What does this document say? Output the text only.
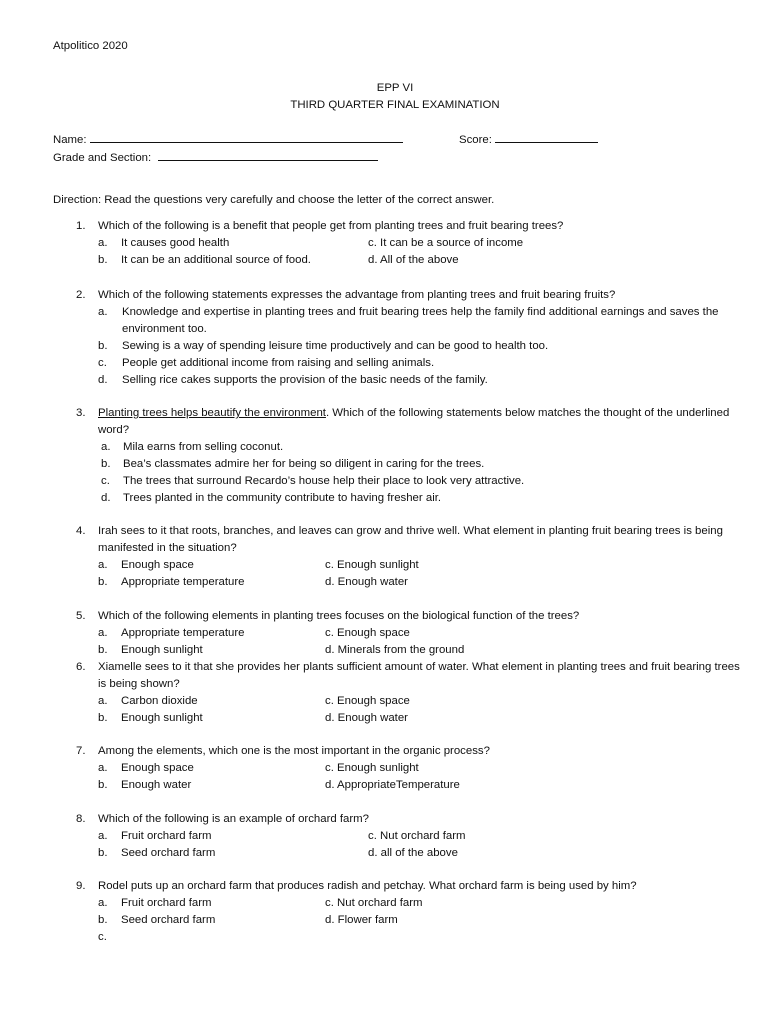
Atpolitico 2020
EPP VI
THIRD QUARTER FINAL EXAMINATION
Name:	Score:
Grade and Section:
Direction: Read the questions very carefully and choose the letter of the correct answer.
1. Which of the following is a benefit that people get from planting trees and fruit bearing trees?
a. It causes good health	c. It can be a source of income
b. It can be an additional source of food.	d. All of the above
2. Which of the following statements expresses the advantage from planting trees and fruit bearing fruits?
a. Knowledge and expertise in planting trees and fruit bearing trees help the family find additional earnings and saves the environment too.
b. Sewing is a way of spending leisure time productively and can be good to health too.
c. People get additional income from raising and selling animals.
d. Selling rice cakes supports the provision of the basic needs of the family.
3. Planting trees helps beautify the environment. Which of the following statements below matches the thought of the underlined word?
a. Mila earns from selling coconut.
b. Bea’s classmates admire her for being so diligent in caring for the trees.
c. The trees that surround Recardo’s house help their place to look very attractive.
d. Trees planted in the community contribute to having fresher air.
4. Irah sees to it that roots, branches, and leaves can grow and thrive well. What element in planting fruit bearing trees is being manifested in the situation?
a. Enough space	c. Enough sunlight
b. Appropriate temperature	d. Enough water
5. Which of the following elements in planting trees focuses on the biological function of the trees?
a. Appropriate temperature	c. Enough space
b. Enough sunlight	d. Minerals from the ground
6. Xiamelle sees to it that she provides her plants sufficient amount of water. What element in planting trees and fruit bearing trees is being shown?
a. Carbon dioxide	c. Enough space
b. Enough sunlight	d. Enough water
7. Among the elements, which one is the most important in the organic process?
a. Enough space	c. Enough sunlight
b. Enough water	d. AppropriateTemperature
8. Which of the following is an example of orchard farm?
a. Fruit orchard farm	c. Nut orchard farm
b. Seed orchard farm	d. all of the above
9. Rodel puts up an orchard farm that produces radish and petchay. What orchard farm is being used by him?
a. Fruit orchard farm	c. Nut orchard farm
b. Seed orchard farm	d. Flower farm
c.
